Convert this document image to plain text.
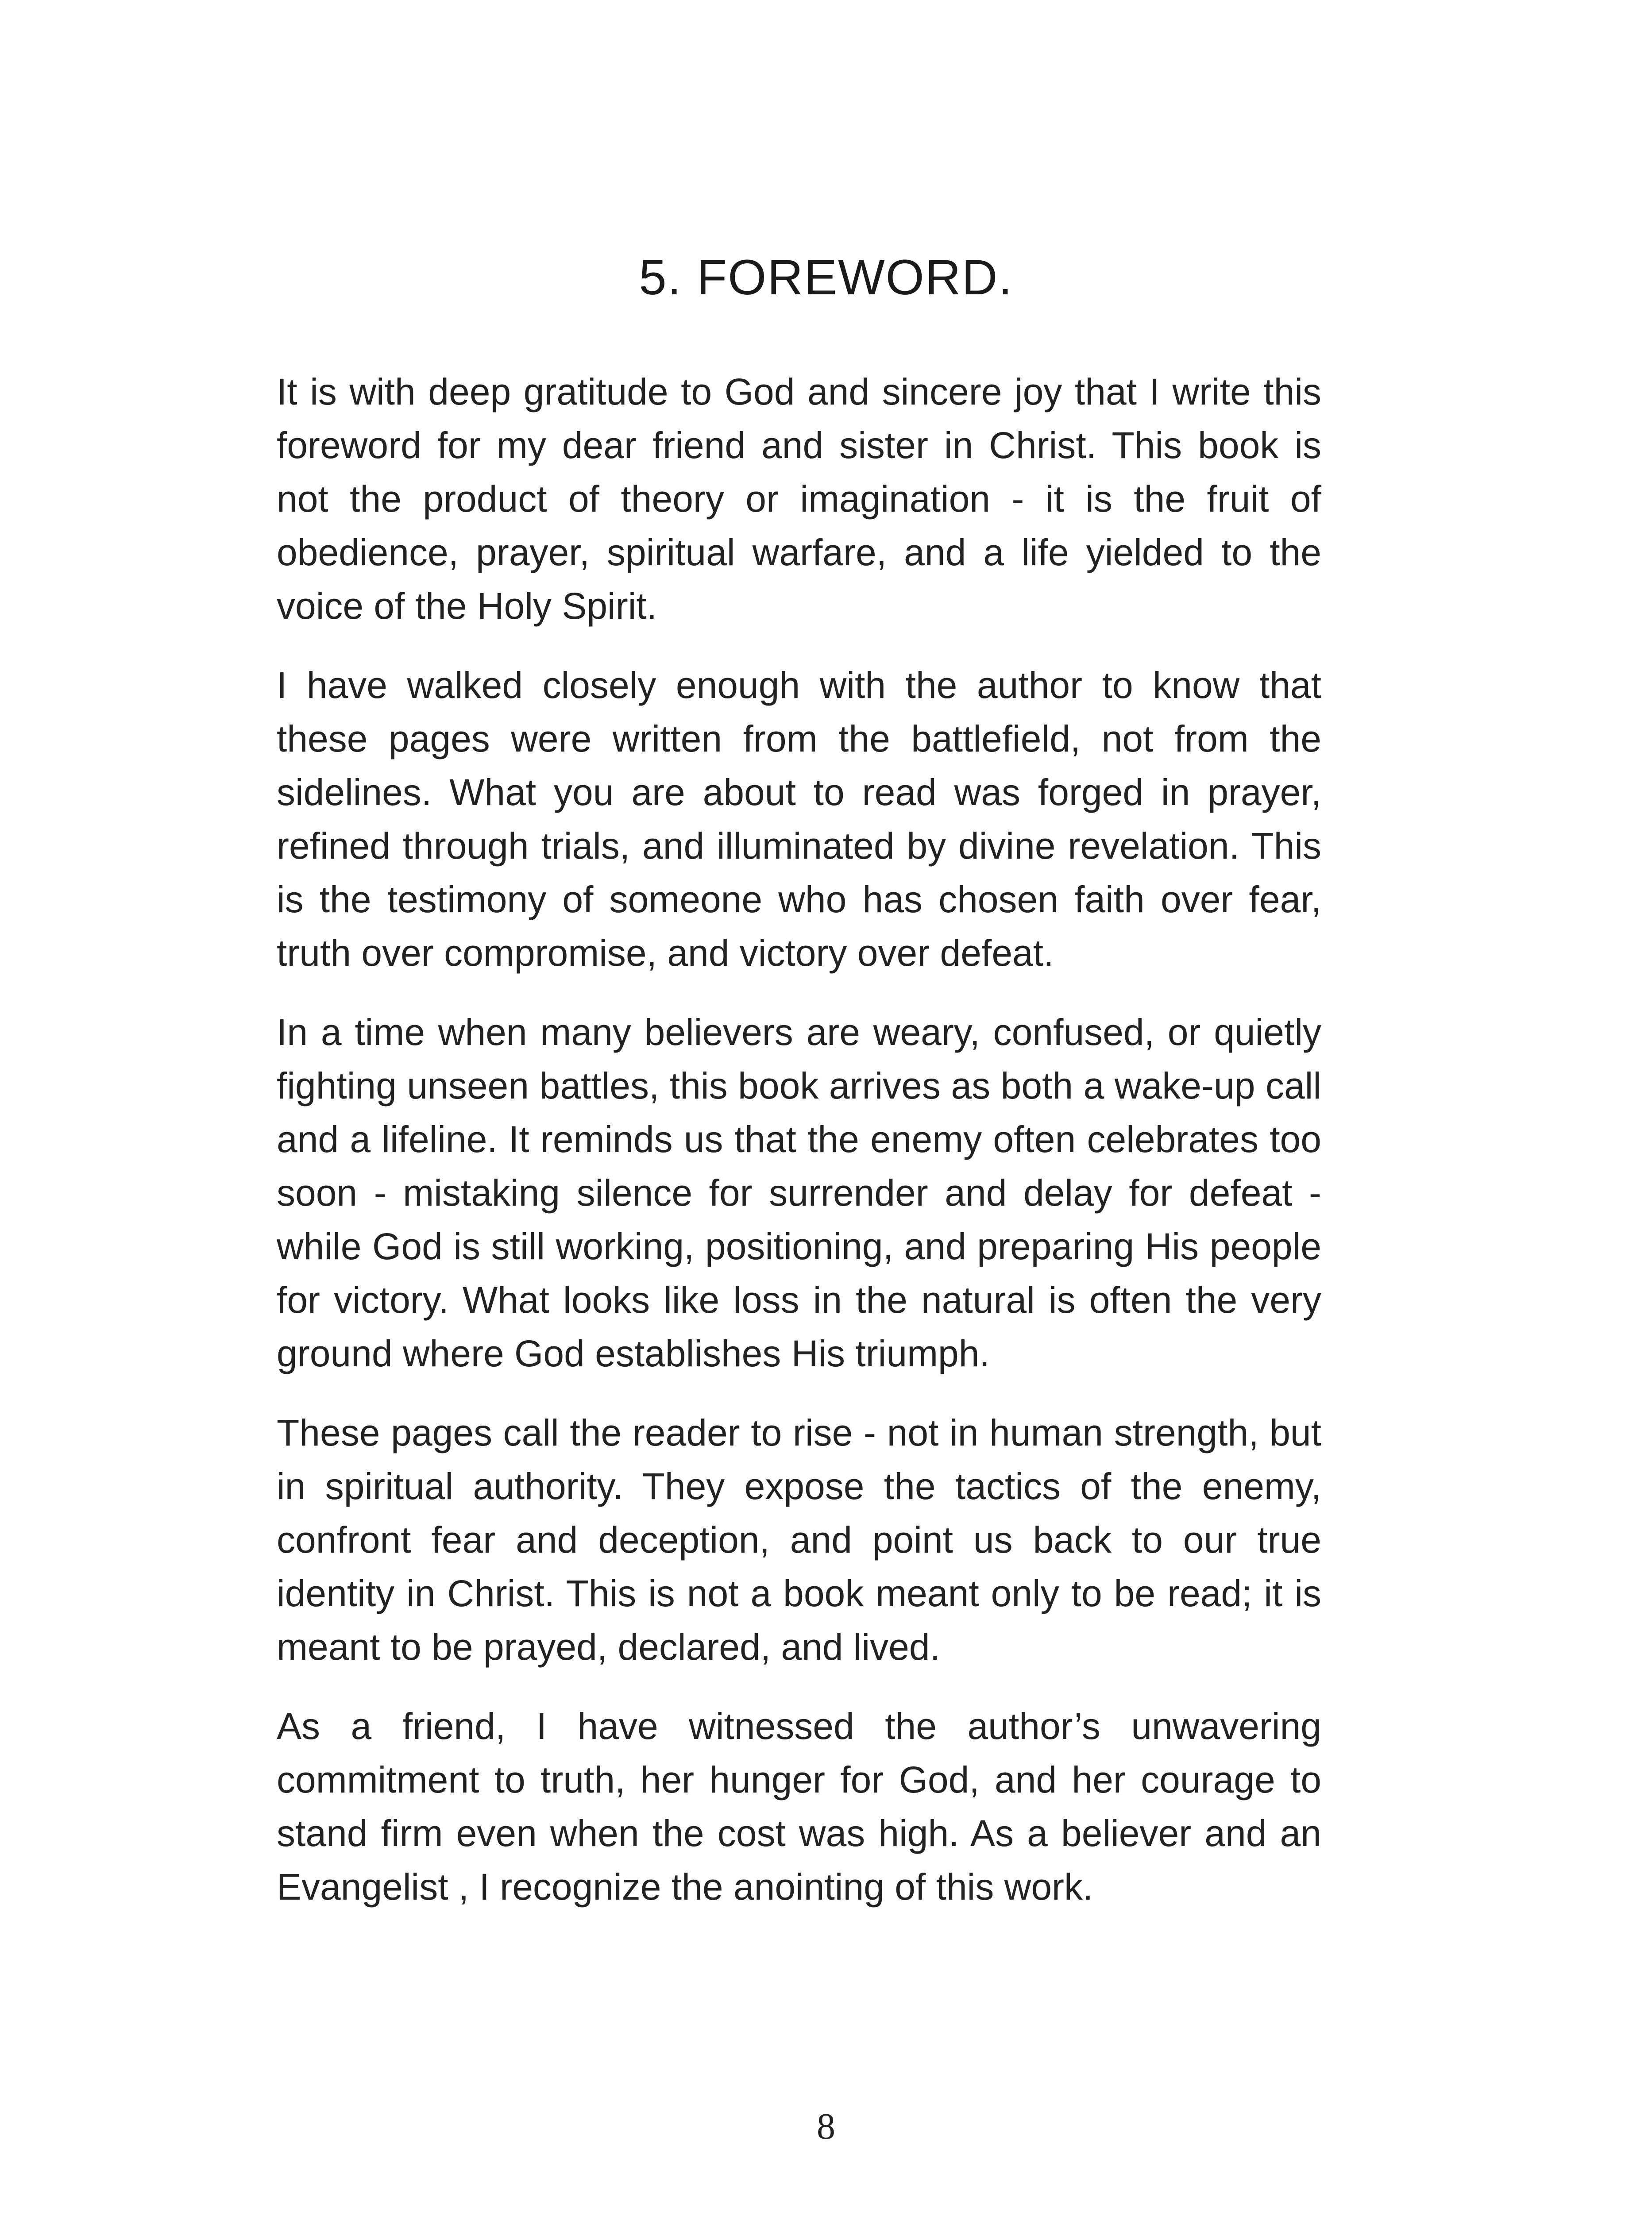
5. FOREWORD.

It is with deep gratitude to God and sincere joy that I write this foreword for my dear friend and sister in Christ. This book is not the product of theory or imagination - it is the fruit of obedience, prayer, spiritual warfare, and a life yielded to the voice of the Holy Spirit.

I have walked closely enough with the author to know that these pages were written from the battlefield, not from the sidelines. What you are about to read was forged in prayer, refined through trials, and illuminated by divine revelation. This is the testimony of someone who has chosen faith over fear, truth over compromise, and victory over defeat.

In a time when many believers are weary, confused, or quietly fighting unseen battles, this book arrives as both a wake-up call and a lifeline. It reminds us that the enemy often celebrates too soon - mistaking silence for surrender and delay for defeat - while God is still working, positioning, and preparing His people for victory. What looks like loss in the natural is often the very ground where God establishes His triumph.

These pages call the reader to rise - not in human strength, but in spiritual authority. They expose the tactics of the enemy, confront fear and deception, and point us back to our true identity in Christ. This is not a book meant only to be read; it is meant to be prayed, declared, and lived.

As a friend, I have witnessed the author’s unwavering commitment to truth, her hunger for God, and her courage to stand firm even when the cost was high. As a believer and an Evangelist , I recognize the anointing of this work.

8
